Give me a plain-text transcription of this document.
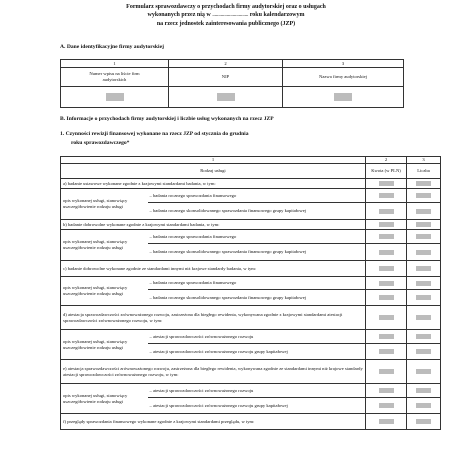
Formularz sprawozdawczy o przychodach firmy audytorskiej oraz o usługach
wykonanych przez nią w .............................. roku kalendarzowym
na rzecz jednostek zainteresowania publicznego (JZP)
A. Dane identyfikacyjne firmy audytorskiej
1	2	3
Numer wpisu na liście firm audytorskich	NIP	Nazwa firmy audytorskiej

B. Informacje o przychodach firmy audytorskiej i liczbie usług wykonanych na rzecz JZP
1. Czynności rewizji finansowej wykonane na rzecz JZP od stycznia do grudnia
roku sprawozdawczego*
1		2	3
Rodzaj usługi		Kwota (w PLN)	Liczba
a) badanie ustawowe wykonane zgodnie z krajowymi standardami badania, w tym:		

opis wykonanej usługi, stanowiący uszczegółowienie rodzaju usługi	– badania rocznego sprawozdania finansowego	

	– badania rocznego skonsolidowanego sprawozdania finansowego grupy kapitałowej	

b) badanie dobrowolne wykonane zgodnie z krajowymi standardami badania, w tym:		

opis wykonanej usługi, stanowiący uszczegółowienie rodzaju usługi	– badania rocznego sprawozdania finansowego	

	– badania rocznego skonsolidowanego sprawozdania finansowego grupy kapitałowej	

c) badanie dobrowolne wykonane zgodnie ze standardami innymi niż krajowe standardy badania, w tym:		

opis wykonanej usługi, stanowiący uszczegółowienie rodzaju usługi	– badania rocznego sprawozdania finansowego	

	– badania rocznego skonsolidowanego sprawozdania finansowego grupy kapitałowej	

d) atestacja sprawozdawczości zrównoważonego rozwoju, zastrzeżona dla biegłego rewidenta, wykonywana zgodnie z krajowymi standardami atestacji sprawozdawczości zrównoważonego rozwoju, w tym:		

opis wykonanej usługi, stanowiący uszczegółowienie rodzaju usługi	– atestacji sprawozdawczości zrównoważonego rozwoju	

	– atestacji sprawozdawczości zrównoważonego rozwoju grupy kapitałowej	

e) atestacja sprawozdawczości zrównoważonego rozwoju, zastrzeżona dla biegłego rewidenta, wykonywana zgodnie ze standardami innymi niż krajowe standardy atestacji sprawozdawczości zrównoważonego rozwoju, w tym:		

opis wykonanej usługi, stanowiący uszczegółowienie rodzaju usługi	– atestacji sprawozdawczości zrównoważonego rozwoju	

	– atestacji sprawozdawczości zrównoważonego rozwoju grupy kapitałowej	

f) przeglądy sprawozdania finansowego wykonane zgodnie z krajowymi standardami przeglądu, w tym:		
